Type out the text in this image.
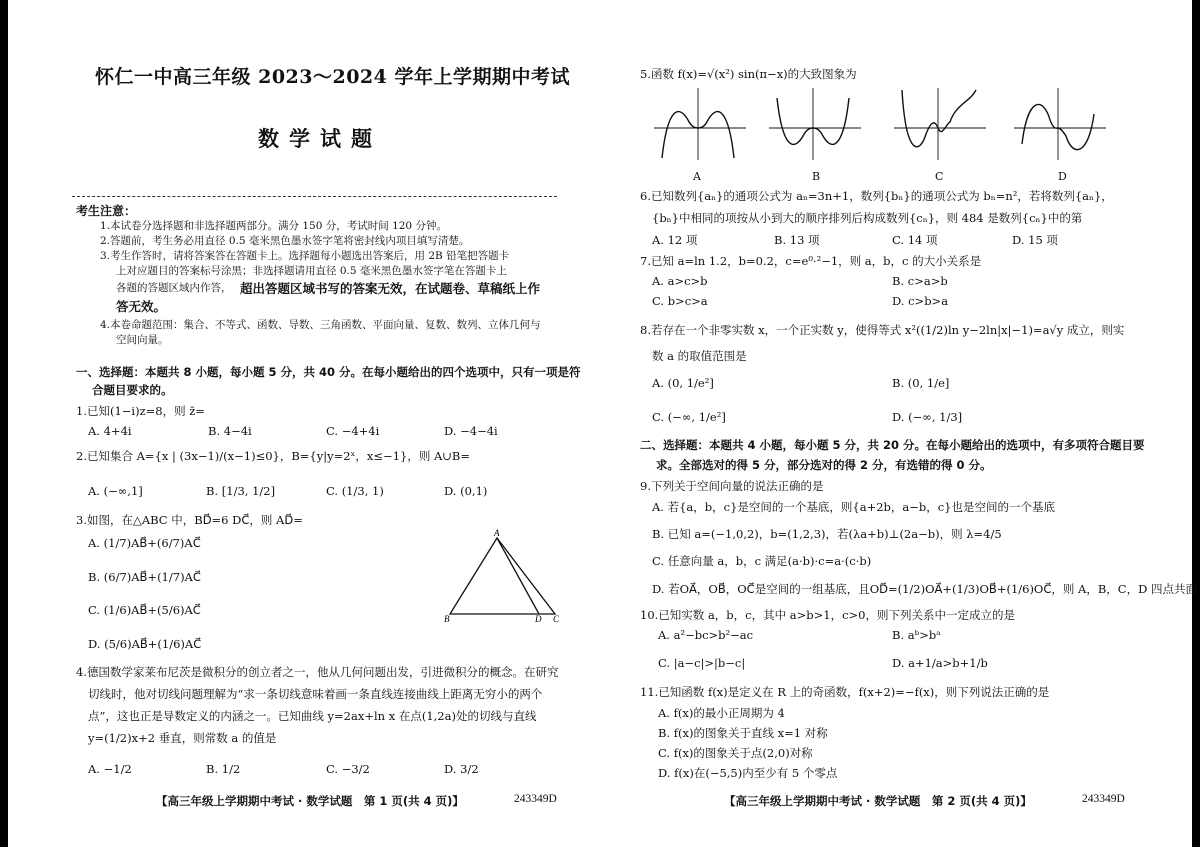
怀仁一中高三年级 2023～2024 学年上学期期中考试
数学试题
考生注意：
1.本试卷分选择题和非选择题两部分。满分 150 分，考试时间 120 分钟。
2.答题前，考生务必用直径 0.5 毫米黑色墨水签字笔将密封线内项目填写清楚。
3.考生作答时，请将答案答在答题卡上。选择题每小题选出答案后，用 2B 铅笔把答题卡
上对应题目的答案标号涂黑；非选择题请用直径 0.5 毫米黑色墨水签字笔在答题卡上
各题的答题区域内作答， 超出答题区域书写的答案无效，在试题卷、草稿纸上作
答无效。
4.本卷命题范围：集合、不等式、函数、导数、三角函数、平面向量、复数、数列、立体几何与
空间向量。
一、选择题：本题共 8 小题，每小题 5 分，共 40 分。在每小题给出的四个选项中，只有一项是符
合题目要求的。
1.已知(1−i)z=8，则 z̄=
A. 4+4i	B. 4−4i	C. −4+4i	D. −4−4i
2.已知集合 A={x | (3x−1)/(x−1)≤0}，B={y|y=2ˣ，x≤−1}，则 A∪B=
A. (−∞,1]	B. [1/3, 1/2]	C. (1/3, 1)	D. (0,1)
3.如图，在△ABC 中，BD⃗=6 DC⃗，则 AD⃗=
A. (1/7)AB⃗+(6/7)AC⃗
B. (6/7)AB⃗+(1/7)AC⃗
C. (1/6)AB⃗+(5/6)AC⃗
D. (5/6)AB⃗+(1/6)AC⃗
A
B	D C
4.德国数学家莱布尼茨是微积分的创立者之一，他从几何问题出发，引进微积分的概念。在研究
切线时，他对切线问题理解为“求一条切线意味着画一条直线连接曲线上距离无穷小的两个
点”，这也正是导数定义的内涵之一。已知曲线 y=2ax+ln x 在点(1,2a)处的切线与直线
y=(1/2)x+2 垂直，则常数 a 的值是
A. −1/2	B. 1/2	C. −3/2	D. 3/2
【高三年级上学期期中考试 · 数学试题　第 1 页(共 4 页)】	243349D
5.函数 f(x)=√(x²) sin(π−x)的大致图象为
A	B	C	D
6.已知数列{aₙ}的通项公式为 aₙ=3n+1，数列{bₙ}的通项公式为 bₙ=n²，若将数列{aₙ}，
{bₙ}中相同的项按从小到大的顺序排列后构成数列{cₙ}，则 484 是数列{cₙ}中的第
A. 12 项	B. 13 项	C. 14 项	D. 15 项
7.已知 a=ln 1.2，b=0.2，c=e⁰·²−1，则 a，b，c 的大小关系是
A. a>c>b	B. c>a>b
C. b>c>a	D. c>b>a
8.若存在一个非零实数 x，一个正实数 y，使得等式 x²((1/2)ln y−2ln|x|−1)=a√y 成立，则实
数 a 的取值范围是
A. (0, 1/e²]	B. (0, 1/e]
C. (−∞, 1/e²]	D. (−∞, 1/3]
二、选择题：本题共 4 小题，每小题 5 分，共 20 分。在每小题给出的选项中，有多项符合题目要
求。全部选对的得 5 分，部分选对的得 2 分，有选错的得 0 分。
9.下列关于空间向量的说法正确的是
A. 若{a，b，c}是空间的一个基底，则{a+2b，a−b，c}也是空间的一个基底
B. 已知 a=(−1,0,2)，b=(1,2,3)，若(λa+b)⊥(2a−b)，则 λ=4/5
C. 任意向量 a，b，c 满足(a·b)·c=a·(c·b)
D. 若OA⃗，OB⃗，OC⃗是空间的一组基底，且OD⃗=(1/2)OA⃗+(1/3)OB⃗+(1/6)OC⃗，则 A，B，C，D 四点共面
10.已知实数 a，b，c，其中 a>b>1，c>0，则下列关系中一定成立的是
A. a²−bc>b²−ac	B. aᵇ>bᵃ
C. |a−c|>|b−c|	D. a+1/a>b+1/b
11.已知函数 f(x)是定义在 R 上的奇函数，f(x+2)=−f(x)，则下列说法正确的是
A. f(x)的最小正周期为 4
B. f(x)的图象关于直线 x=1 对称
C. f(x)的图象关于点(2,0)对称
D. f(x)在(−5,5)内至少有 5 个零点
【高三年级上学期期中考试 · 数学试题　第 2 页(共 4 页)】	243349D
